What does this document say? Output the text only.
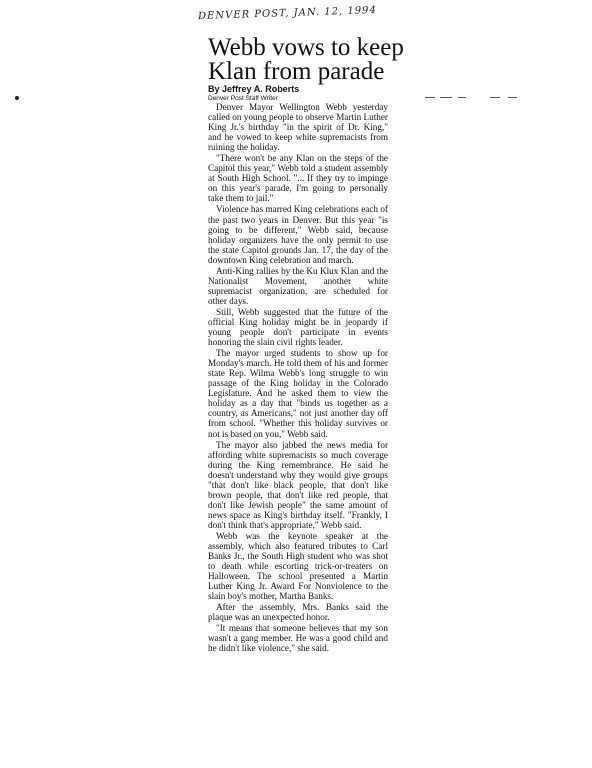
DENVER POST, JAN. 12, 1994
Webb vows to keep Klan from parade
By Jeffrey A. Roberts
Denver Post Staff Writer

Denver Mayor Wellington Webb yesterday called on young people to observe Martin Luther King Jr.'s birthday "in the spirit of Dr. King," and he vowed to keep white supremacists from ruining the holiday.

"There won't be any Klan on the steps of the Capitol this year," Webb told a student assembly at South High School. "... If they try to impinge on this year's parade, I'm going to personally take them to jail."

Violence has marred King celebrations each of the past two years in Denver. But this year "is going to be different," Webb said, because holiday organizers have the only permit to use the state Capitol grounds Jan. 17, the day of the downtown King celebration and march.

Anti-King rallies by the Ku Klux Klan and the Nationalist Movement, another white supremacist organization, are scheduled for other days.

Still, Webb suggested that the future of the official King holiday might be in jeopardy if young people don't participate in events honoring the slain civil rights leader.

The mayor urged students to show up for Monday's march. He told them of his and former state Rep. Wilma Webb's long struggle to win passage of the King holiday in the Colorado Legislature. And he asked them to view the holiday as a day that "binds us together as a country, as Americans," not just another day off from school. "Whether this holiday survives or not is based on you," Webb said.

The mayor also jabbed the news media for affording white supremacists so much coverage during the King remembrance. He said he doesn't understand why they would give groups "that don't like black people, that don't like brown people, that don't like red people, that don't like Jewish people" the same amount of news space as King's birthday itself. "Frankly, I don't think that's appropriate," Webb said.

Webb was the keynote speaker at the assembly, which also featured tributes to Carl Banks Jr., the South High student who was shot to death while escorting trick-or-treaters on Halloween. The school presented a Martin Luther King Jr. Award For Nonviolence to the slain boy's mother, Martha Banks.

After the assembly, Mrs. Banks said the plaque was an unexpected honor.

"It means that someone believes that my son wasn't a gang member. He was a good child and he didn't like violence," she said.
